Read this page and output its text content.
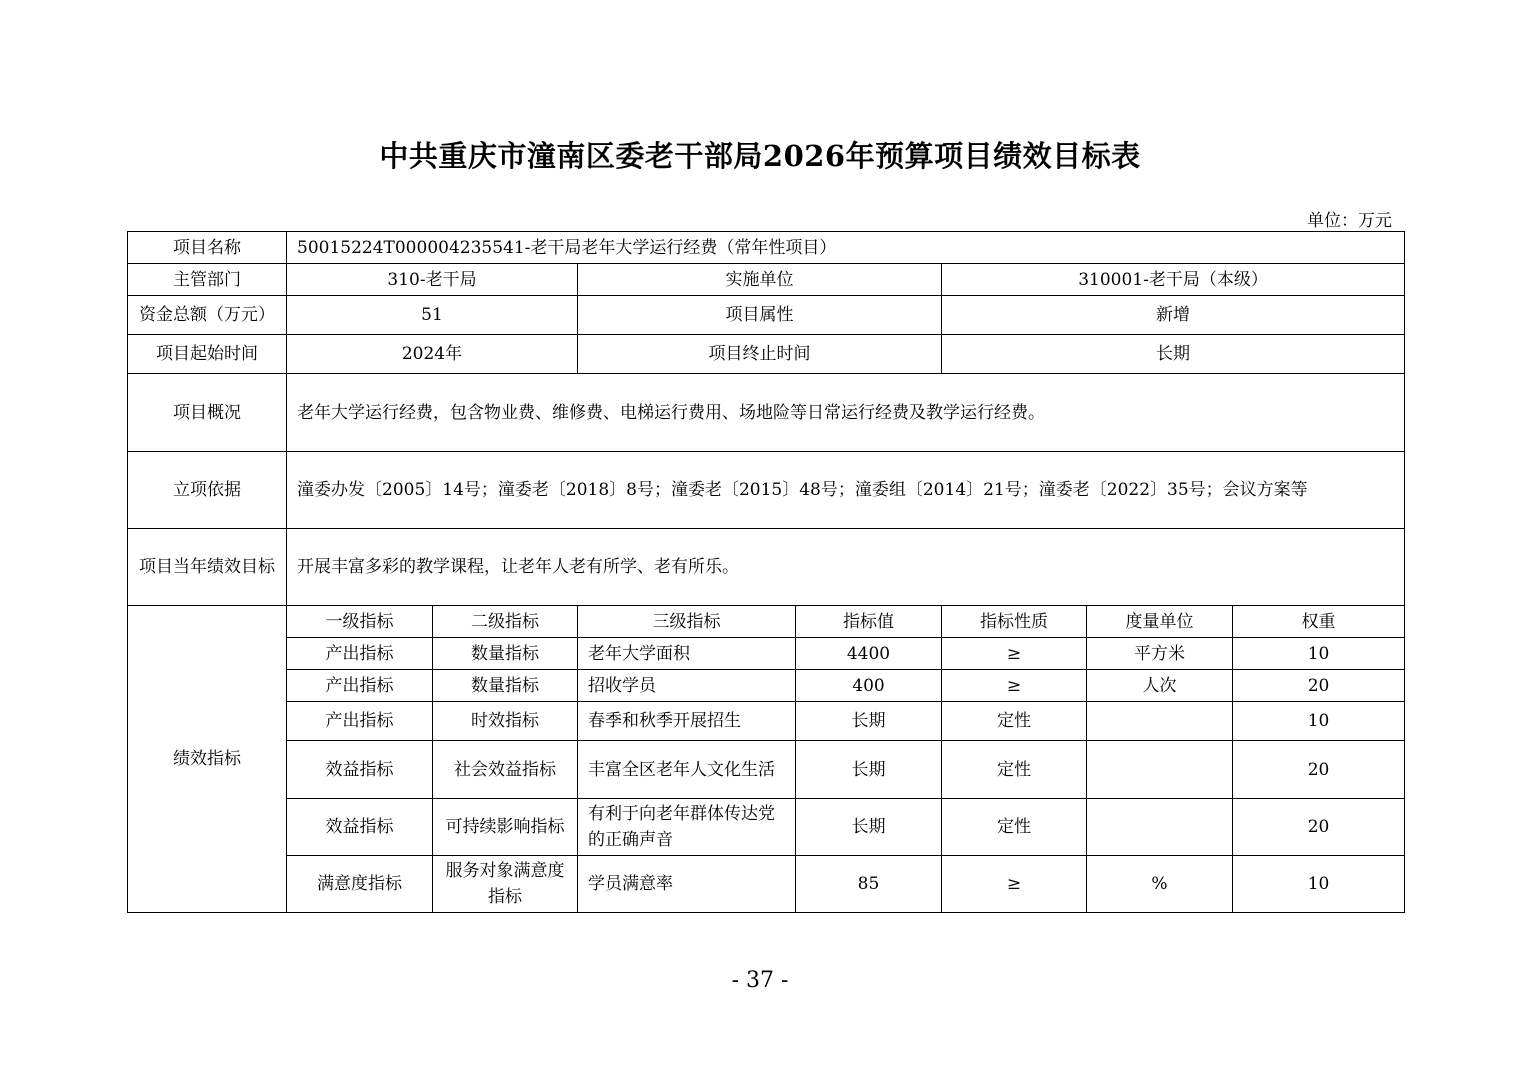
中共重庆市潼南区委老干部局2026年预算项目绩效目标表
单位：万元
项目名称	50015224T000004235541-老干局老年大学运行经费（常年性项目）						
主管部门	310-老干局		实施单位		310001-老干局（本级）		
资金总额（万元）	51		项目属性		新增		
项目起始时间	2024年		项目终止时间		长期		
项目概况	老年大学运行经费，包含物业费、维修费、电梯运行费用、场地险等日常运行经费及教学运行经费。						
立项依据	潼委办发〔2005〕14号；潼委老〔2018〕8号；潼委老〔2015〕48号；潼委组〔2014〕21号；潼委老〔2022〕35号；会议方案等						
项目当年绩效目标	开展丰富多彩的教学课程，让老年人老有所学、老有所乐。						
绩效指标	一级指标	二级指标	三级指标	指标值	指标性质	度量单位	权重
	产出指标	数量指标	老年大学面积	4400	≥	平方米	10
	产出指标	数量指标	招收学员	400	≥	人次	20
	产出指标	时效指标	春季和秋季开展招生	长期	定性		10
	效益指标	社会效益指标	丰富全区老年人文化生活	长期	定性		20
	效益指标	可持续影响指标	有利于向老年群体传达党的正确声音	长期	定性		20
	满意度指标	服务对象满意度指标	学员满意率	85	≥	%	10
- 37 -
